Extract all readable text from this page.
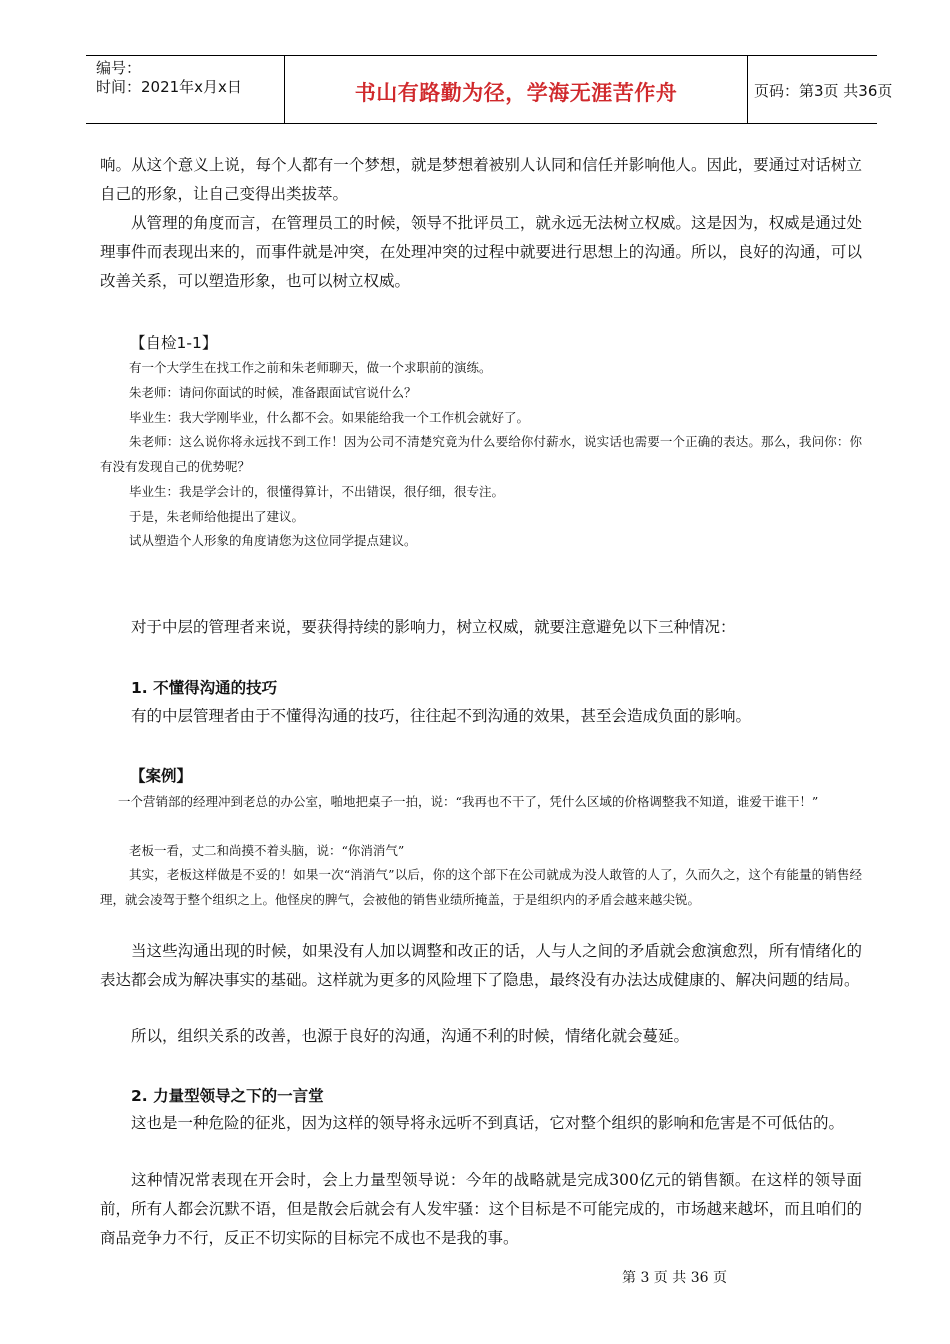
编号：
时间：2021年x月x日	书山有路勤为径，学海无涯苦作舟	页码：第3页 共36页
响。从这个意义上说，每个人都有一个梦想，就是梦想着被别人认同和信任并影响他人。因此，要通过对话树立自己的形象，让自己变得出类拔萃。
从管理的角度而言，在管理员工的时候，领导不批评员工，就永远无法树立权威。这是因为，权威是通过处理事件而表现出来的，而事件就是冲突，在处理冲突的过程中就要进行思想上的沟通。所以，良好的沟通，可以改善关系，可以塑造形象，也可以树立权威。
【自检1-1】
有一个大学生在找工作之前和朱老师聊天，做一个求职前的演练。
朱老师：请问你面试的时候，准备跟面试官说什么？
毕业生：我大学刚毕业，什么都不会。如果能给我一个工作机会就好了。
朱老师：这么说你将永远找不到工作！因为公司不清楚究竟为什么要给你付薪水，说实话也需要一个正确的表达。那么，我问你：你有没有发现自己的优势呢？
毕业生：我是学会计的，很懂得算计，不出错误，很仔细，很专注。
于是，朱老师给他提出了建议。
试从塑造个人形象的角度请您为这位同学提点建议。
对于中层的管理者来说，要获得持续的影响力，树立权威，就要注意避免以下三种情况：
1. 不懂得沟通的技巧
有的中层管理者由于不懂得沟通的技巧，往往起不到沟通的效果，甚至会造成负面的影响。
【案例】
一个营销部的经理冲到老总的办公室，啪地把桌子一拍，说：“我再也不干了，凭什么区域的价格调整我不知道，谁爱干谁干！”
老板一看，丈二和尚摸不着头脑，说：“你消消气”
其实，老板这样做是不妥的！如果一次“消消气”以后，你的这个部下在公司就成为没人敢管的人了，久而久之，这个有能量的销售经理，就会凌驾于整个组织之上。他怪戾的脾气，会被他的销售业绩所掩盖，于是组织内的矛盾会越来越尖锐。
当这些沟通出现的时候，如果没有人加以调整和改正的话，人与人之间的矛盾就会愈演愈烈，所有情绪化的表达都会成为解决事实的基础。这样就为更多的风险埋下了隐患，最终没有办法达成健康的、解决问题的结局。
所以，组织关系的改善，也源于良好的沟通，沟通不利的时候，情绪化就会蔓延。
2. 力量型领导之下的一言堂
这也是一种危险的征兆，因为这样的领导将永远听不到真话，它对整个组织的影响和危害是不可低估的。
这种情况常表现在开会时，会上力量型领导说：今年的战略就是完成300亿元的销售额。在这样的领导面前，所有人都会沉默不语，但是散会后就会有人发牢骚：这个目标是不可能完成的，市场越来越坏，而且咱们的商品竞争力不行，反正不切实际的目标完不成也不是我的事。
第 3 页 共 36 页
